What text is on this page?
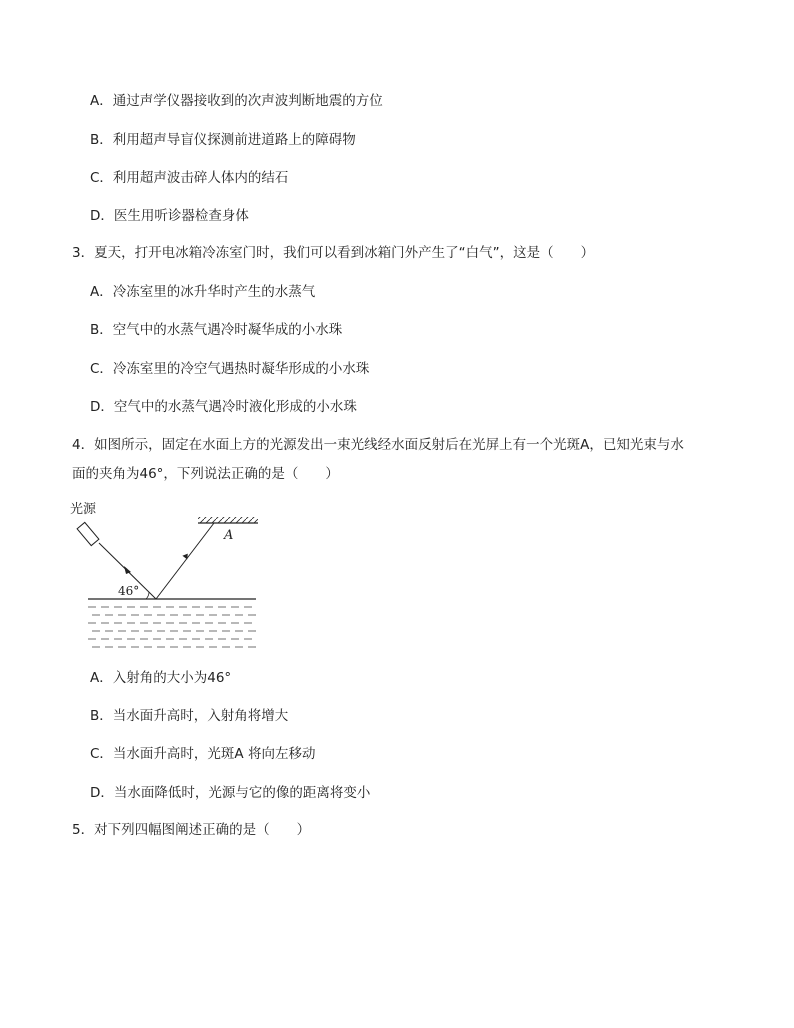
A．通过声学仪器接收到的次声波判断地震的方位
B．利用超声导盲仪探测前进道路上的障碍物
C．利用超声波击碎人体内的结石
D．医生用听诊器检查身体
3．夏天，打开电冰箱冷冻室门时，我们可以看到冰箱门外产生了“白气”，这是（　　）
A．冷冻室里的冰升华时产生的水蒸气
B．空气中的水蒸气遇冷时凝华成的小水珠
C．冷冻室里的冷空气遇热时凝华形成的小水珠
D．空气中的水蒸气遇冷时液化形成的小水珠
4．如图所示，固定在水面上方的光源发出一束光线经水面反射后在光屏上有一个光斑A，已知光束与水
面的夹角为46°，下列说法正确的是（　　）
光源
A
46°
A．入射角的大小为46°
B．当水面升高时，入射角将增大
C．当水面升高时，光斑A 将向左移动
D．当水面降低时，光源与它的像的距离将变小
5．对下列四幅图阐述正确的是（　　）
